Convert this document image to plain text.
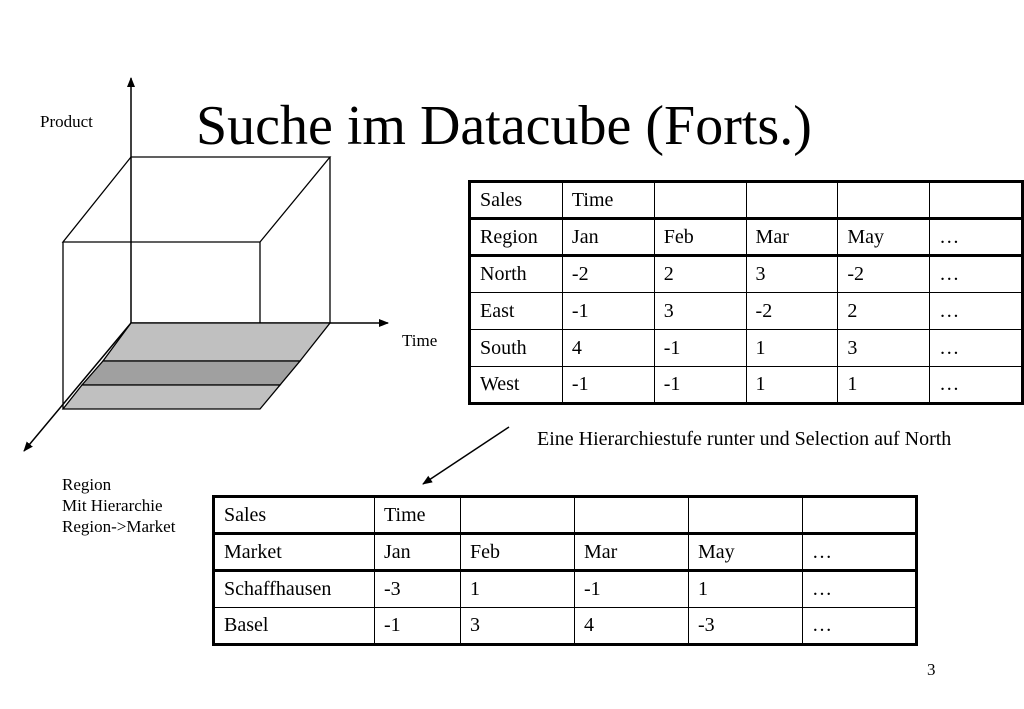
Suche im Datacube (Forts.)
Product
Time
Region
Mit Hierarchie
Region->Market
Sales	Time				
Region	Jan	Feb	Mar	May	…
North	-2	2	3	-2	…
East	-1	3	-2	2	…
South	4	-1	1	3	…
West	-1	-1	1	1	…
Eine Hierarchiestufe runter und Selection auf North
Sales	Time				
Market	Jan	Feb	Mar	May	…
Schaffhausen	-3	1	-1	1	…
Basel	-1	3	4	-3	…
3
